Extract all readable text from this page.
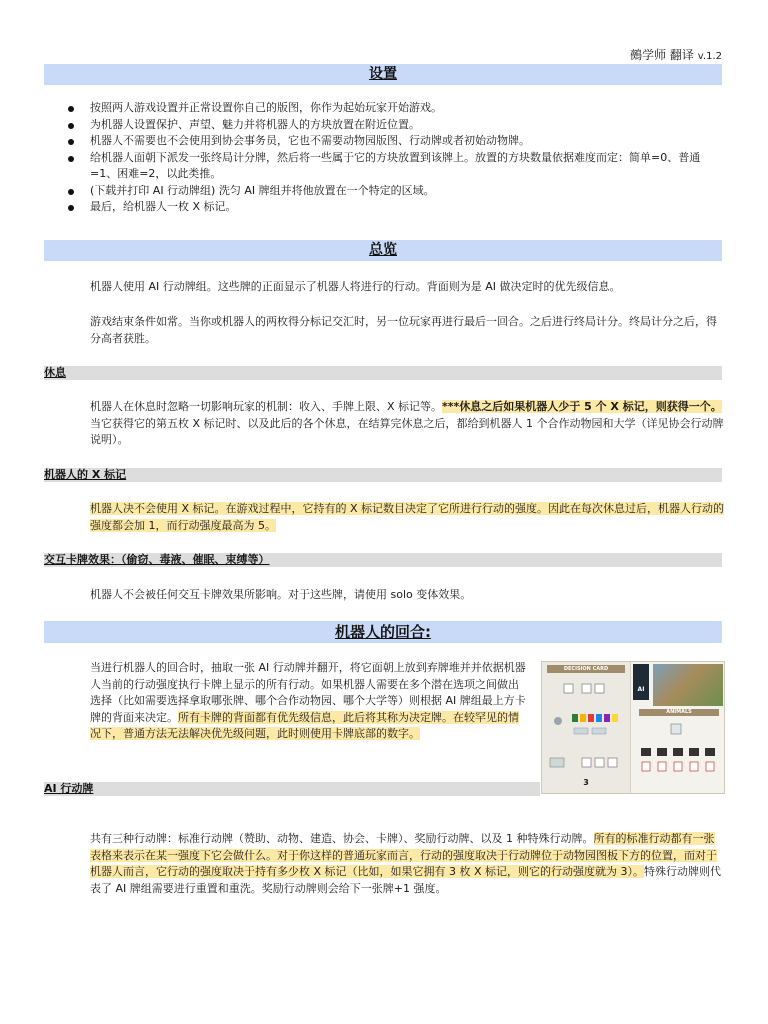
鵺学师 翻译 v.1.2
设置
按照两人游戏设置并正常设置你自己的版图，你作为起始玩家开始游戏。
为机器人设置保护、声望、魅力并将机器人的方块放置在附近位置。
机器人不需要也不会使用到协会事务员，它也不需要动物园版图、行动牌或者初始动物牌。
给机器人面朝下派发一张终局计分牌，然后将一些属于它的方块放置到该牌上。放置的方块数量依据难度而定：简单=0、普通=1、困难=2，以此类推。
(下载并打印 AI 行动牌组) 洗匀 AI 牌组并将他放置在一个特定的区域。
最后，给机器人一枚 X 标记。
总览
机器人使用 AI 行动牌组。这些牌的正面显示了机器人将进行的行动。背面则为是 AI 做决定时的优先级信息。
游戏结束条件如常。当你或机器人的两枚得分标记交汇时，另一位玩家再进行最后一回合。之后进行终局计分。终局计分之后，得分高者获胜。
休息
机器人在休息时忽略一切影响玩家的机制：收入、手牌上限、X 标记等。***休息之后如果机器人少于 5 个 X 标记，则获得一个。当它获得它的第五枚 X 标记时、以及此后的各个休息，在结算完休息之后，都给到机器人 1 个合作动物园和大学（详见协会行动牌说明）。
机器人的 X 标记
机器人决不会使用 X 标记。在游戏过程中，它持有的 X 标记数目决定了它所进行行动的强度。因此在每次休息过后，机器人行动的强度都会加 1，而行动强度最高为 5。
交互卡牌效果：（偷窃、毒液、催眠、束缚等）
机器人不会被任何交互卡牌效果所影响。对于这些牌，请使用 solo 变体效果。
机器人的回合:
当进行机器人的回合时，抽取一张 AI 行动牌并翻开，将它面朝上放到弃牌堆并并依据机器人当前的行动强度执行卡牌上显示的所有行动。如果机器人需要在多个潜在选项之间做出选择（比如需要选择拿取哪张牌、哪个合作动物园、哪个大学等）则根据 AI 牌组最上方卡牌的背面来决定。所有卡牌的背面都有优先级信息，此后将其称为决定牌。在较罕见的情况下，普通方法无法解决优先级问题，此时则使用卡牌底部的数字。
DECISION CARD
3
AI
ANIMALS
AI 行动牌
共有三种行动牌：标准行动牌（赞助、动物、建造、协会、卡牌）、奖励行动牌、以及 1 种特殊行动牌。所有的标准行动都有一张表格来表示在某一强度下它会做什么。对于你这样的普通玩家而言，行动的强度取决于行动牌位于动物园图板下方的位置，而对于机器人而言，它行动的强度取决于持有多少枚 X 标记（比如，如果它拥有 3 枚 X 标记，则它的行动强度就为 3）。特殊行动牌则代表了 AI 牌组需要进行重置和重洗。奖励行动牌则会给下一张牌+1 强度。
